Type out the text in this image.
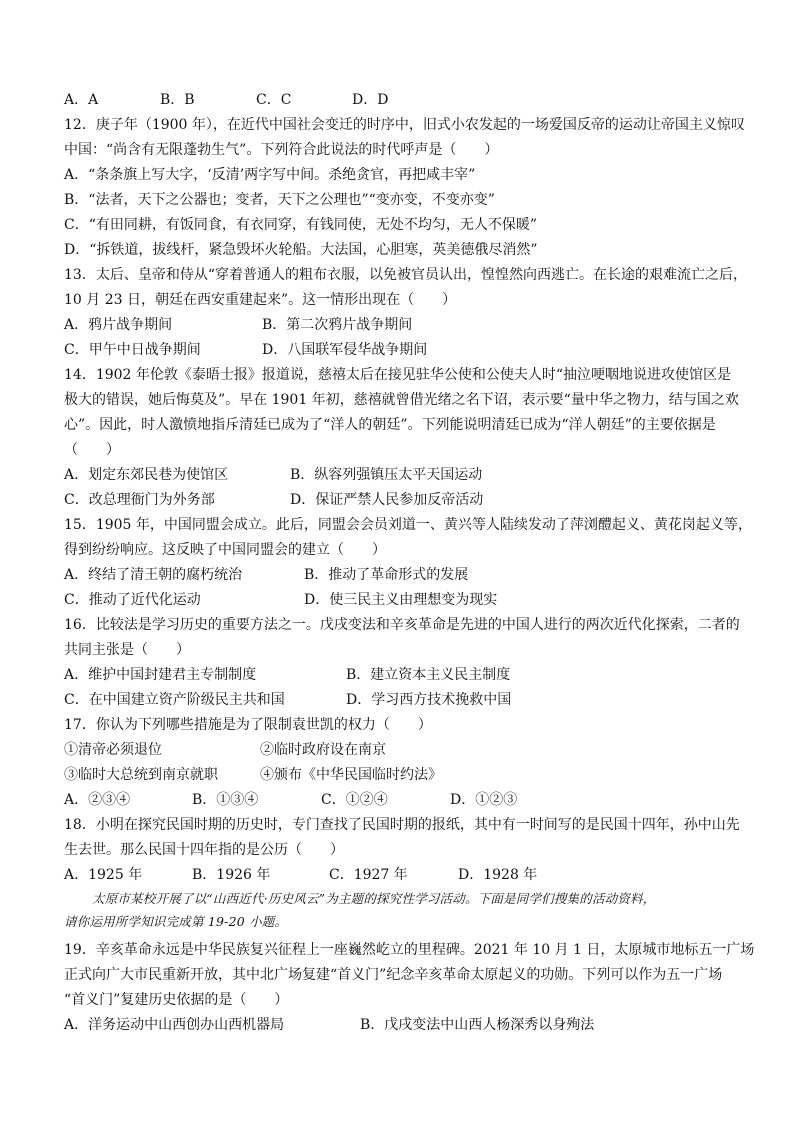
A．A	B．B	C．C	D．D
12．庚子年（1900 年），在近代中国社会变迁的时序中，旧式小农发起的一场爱国反帝的运动让帝国主义惊叹
中国：“尚含有无限蓬勃生气”。下列符合此说法的时代呼声是（　　）
A．“条条旗上写大字，‘反清’两字写中间。杀绝贪官，再把咸丰宰”
B．“法者，天下之公器也；变者，天下之公理也”“变亦变，不变亦变”
C．“有田同耕，有饭同食，有衣同穿，有钱同使，无处不均匀，无人不保暖”
D．“拆铁道，拔线杆，紧急毁坏火轮船。大法国，心胆寒，英美德俄尽消然”
13．太后、皇帝和侍从“穿着普通人的粗布衣服，以免被官员认出，惶惶然向西逃亡。在长途的艰难流亡之后，
10 月 23 日，朝廷在西安重建起来”。这一情形出现在（　　）
A．鸦片战争期间	B．第二次鸦片战争期间
C．甲午中日战争期间	D．八国联军侵华战争期间
14．1902 年伦敦《泰晤士报》报道说，慈禧太后在接见驻华公使和公使夫人时“抽泣哽咽地说进攻使馆区是
极大的错误，她后悔莫及”。早在 1901 年初，慈禧就曾借光绪之名下诏，表示要“量中华之物力，结与国之欢
心”。因此，时人激愤地指斥清廷已成为了“洋人的朝廷”。下列能说明清廷已成为“洋人朝廷”的主要依据是
（　　）
A．划定东郊民巷为使馆区	B．纵容列强镇压太平天国运动
C．改总理衙门为外务部	D．保证严禁人民参加反帝活动
15．1905 年，中国同盟会成立。此后，同盟会会员刘道一、黄兴等人陆续发动了萍浏醴起义、黄花岗起义等，
得到纷纷响应。这反映了中国同盟会的建立（　　）
A．终结了清王朝的腐朽统治	B．推动了革命形式的发展
C．推动了近代化运动	D．使三民主义由理想变为现实
16．比较法是学习历史的重要方法之一。戊戌变法和辛亥革命是先进的中国人进行的两次近代化探索，二者的
共同主张是（　　）
A．维护中国封建君主专制制度	B．建立资本主义民主制度
C．在中国建立资产阶级民主共和国	D．学习西方技术挽救中国
17．你认为下列哪些措施是为了限制袁世凯的权力（　　）
①清帝必须退位	②临时政府设在南京
③临时大总统到南京就职	④颁布《中华民国临时约法》
A．②③④	B．①③④	C．①②④	D．①②③
18．小明在探究民国时期的历史时，专门查找了民国时期的报纸，其中有一时间写的是民国十四年，孙中山先
生去世。那么民国十四年指的是公历（　　）
A．1925 年	B．1926 年	C．1927 年	D．1928 年
太原市某校开展了以“山西近代·历史风云”为主题的探究性学习活动。下面是同学们搜集的活动资料，
请你运用所学知识完成第 19-20 小题。
19．辛亥革命永远是中华民族复兴征程上一座巍然屹立的里程碑。2021 年 10 月 1 日，太原城市地标五一广场
正式向广大市民重新开放，其中北广场复建“首义门”纪念辛亥革命太原起义的功勋。下列可以作为五一广场
“首义门”复建历史依据的是（　　）
A．洋务运动中山西创办山西机器局	B．戊戌变法中山西人杨深秀以身殉法
